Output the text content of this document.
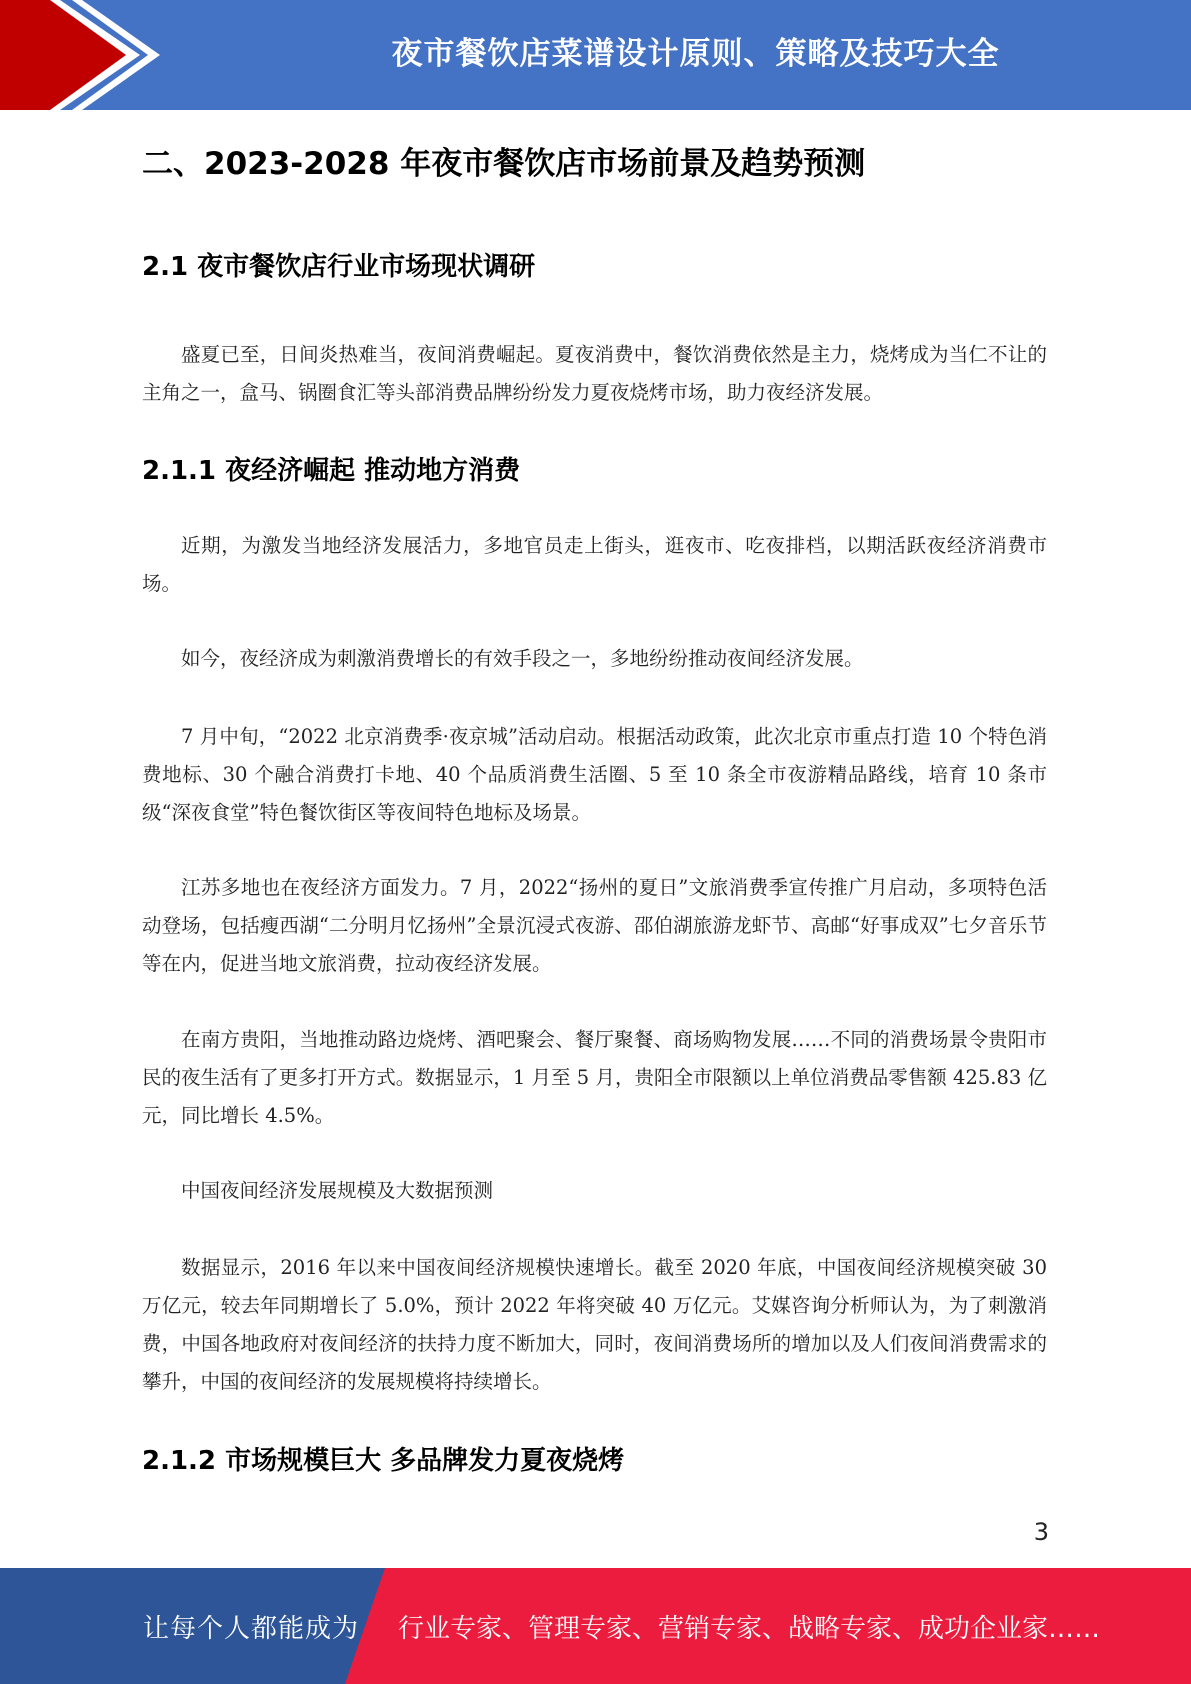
夜市餐饮店菜谱设计原则、策略及技巧大全
二、2023-2028 年夜市餐饮店市场前景及趋势预测
2.1 夜市餐饮店行业市场现状调研

盛夏已至，日间炎热难当，夜间消费崛起。夏夜消费中，餐饮消费依然是主力，烧烤成为当仁不让的主角之一，盒马、锅圈食汇等头部消费品牌纷纷发力夏夜烧烤市场，助力夜经济发展。

2.1.1 夜经济崛起 推动地方消费

近期，为激发当地经济发展活力，多地官员走上街头，逛夜市、吃夜排档，以期活跃夜经济消费市场。

如今，夜经济成为刺激消费增长的有效手段之一，多地纷纷推动夜间经济发展。

7 月中旬，“2022 北京消费季·夜京城”活动启动。根据活动政策，此次北京市重点打造 10 个特色消费地标、30 个融合消费打卡地、40 个品质消费生活圈、5 至 10 条全市夜游精品路线，培育 10 条市级“深夜食堂”特色餐饮街区等夜间特色地标及场景。

江苏多地也在夜经济方面发力。7 月，2022“扬州的夏日”文旅消费季宣传推广月启动，多项特色活动登场，包括瘦西湖“二分明月忆扬州”全景沉浸式夜游、邵伯湖旅游龙虾节、高邮“好事成双”七夕音乐节等在内，促进当地文旅消费，拉动夜经济发展。

在南方贵阳，当地推动路边烧烤、酒吧聚会、餐厅聚餐、商场购物发展……不同的消费场景令贵阳市民的夜生活有了更多打开方式。数据显示，1 月至 5 月，贵阳全市限额以上单位消费品零售额 425.83 亿元，同比增长 4.5%。

中国夜间经济发展规模及大数据预测

数据显示，2016 年以来中国夜间经济规模快速增长。截至 2020 年底，中国夜间经济规模突破 30 万亿元，较去年同期增长了 5.0%，预计 2022 年将突破 40 万亿元。艾媒咨询分析师认为，为了刺激消费，中国各地政府对夜间经济的扶持力度不断加大，同时，夜间消费场所的增加以及人们夜间消费需求的攀升，中国的夜间经济的发展规模将持续增长。

2.1.2 市场规模巨大 多品牌发力夏夜烧烤
3
让每个人都能成为 行业专家、管理专家、营销专家、战略专家、成功企业家……
